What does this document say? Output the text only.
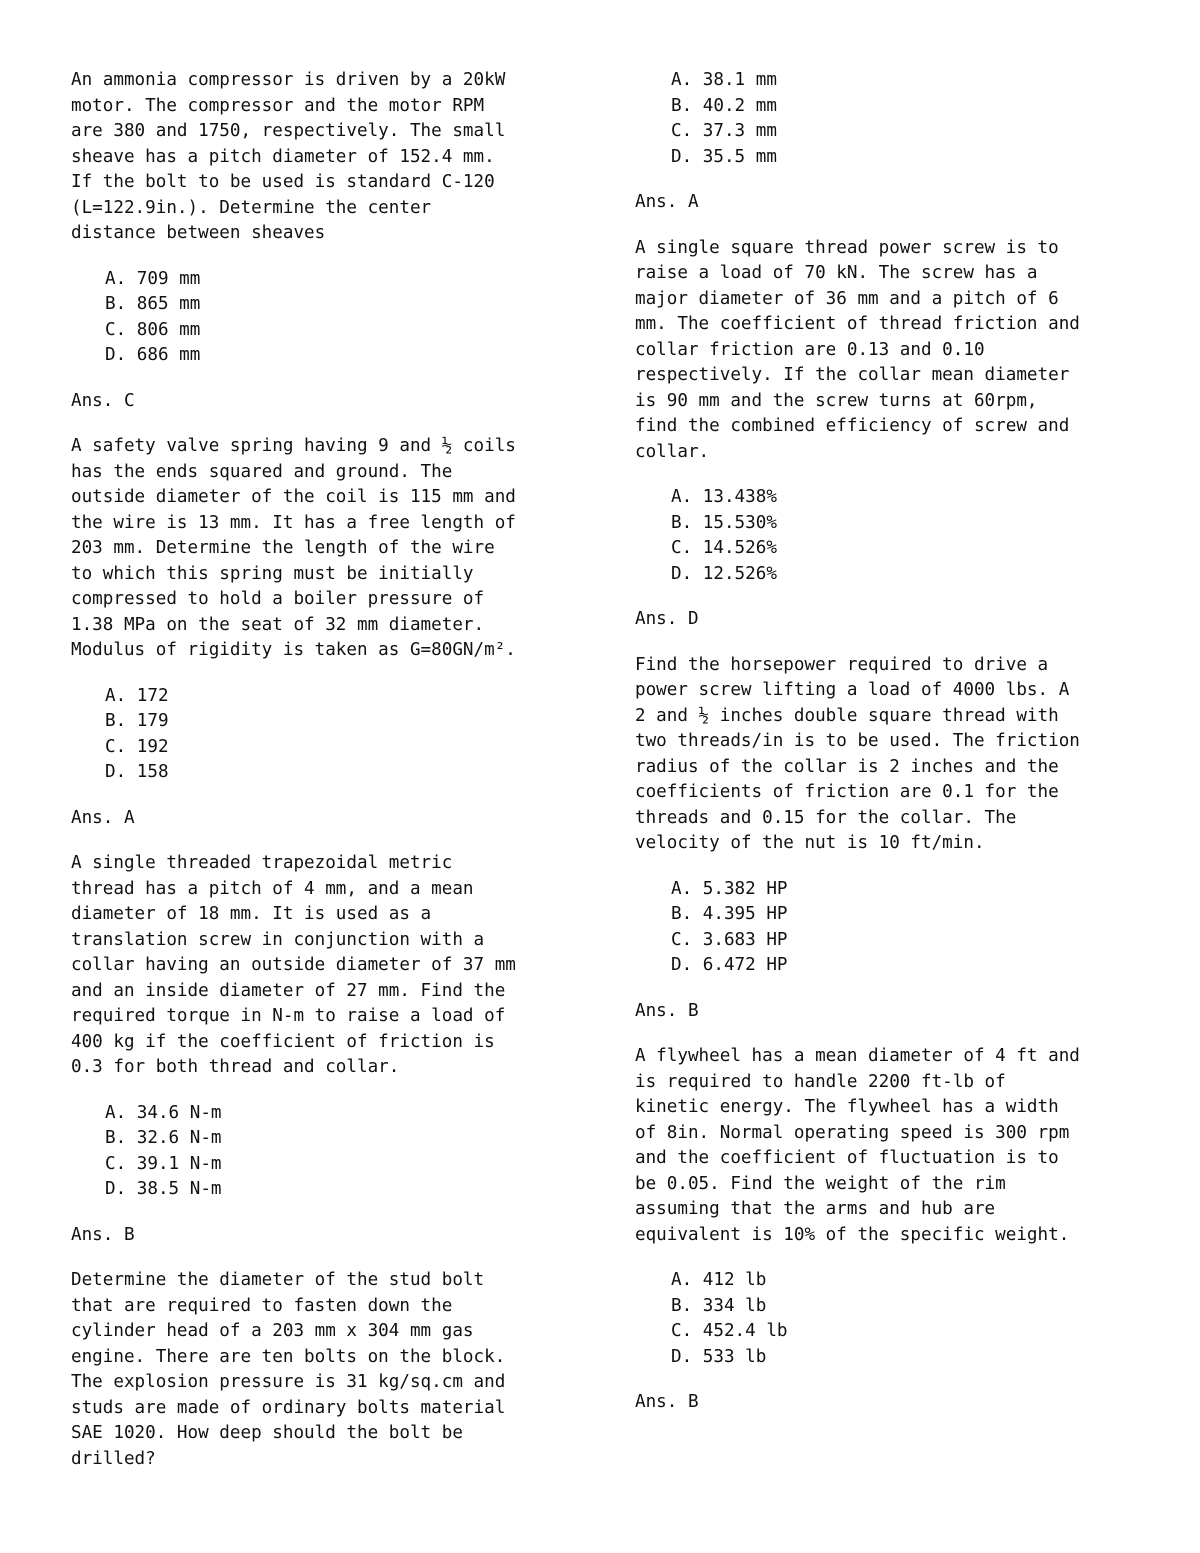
An ammonia compressor is driven by a 20kW
motor. The compressor and the motor RPM
are 380 and 1750, respectively. The small
sheave has a pitch diameter of 152.4 mm.
If the bolt to be used is standard C-120
(L=122.9in.). Determine the center
distance between sheaves
A. 709 mm
B. 865 mm
C. 806 mm
D. 686 mm
Ans. C
A safety valve spring having 9 and ½ coils
has the ends squared and ground. The
outside diameter of the coil is 115 mm and
the wire is 13 mm. It has a free length of
203 mm. Determine the length of the wire
to which this spring must be initially
compressed to hold a boiler pressure of
1.38 MPa on the seat of 32 mm diameter.
Modulus of rigidity is taken as G=80GN/m².
A. 172
B. 179
C. 192
D. 158
Ans. A
A single threaded trapezoidal metric
thread has a pitch of 4 mm, and a mean
diameter of 18 mm. It is used as a
translation screw in conjunction with a
collar having an outside diameter of 37 mm
and an inside diameter of 27 mm. Find the
required torque in N-m to raise a load of
400 kg if the coefficient of friction is
0.3 for both thread and collar.
A. 34.6 N-m
B. 32.6 N-m
C. 39.1 N-m
D. 38.5 N-m
Ans. B
Determine the diameter of the stud bolt
that are required to fasten down the
cylinder head of a 203 mm x 304 mm gas
engine. There are ten bolts on the block.
The explosion pressure is 31 kg/sq.cm and
studs are made of ordinary bolts material
SAE 1020. How deep should the bolt be
drilled?
A. 38.1 mm
B. 40.2 mm
C. 37.3 mm
D. 35.5 mm
Ans. A
A single square thread power screw is to
raise a load of 70 kN. The screw has a
major diameter of 36 mm and a pitch of 6
mm. The coefficient of thread friction and
collar friction are 0.13 and 0.10
respectively. If the collar mean diameter
is 90 mm and the screw turns at 60rpm,
find the combined efficiency of screw and
collar.
A. 13.438%
B. 15.530%
C. 14.526%
D. 12.526%
Ans. D
Find the horsepower required to drive a
power screw lifting a load of 4000 lbs. A
2 and ½ inches double square thread with
two threads/in is to be used. The friction
radius of the collar is 2 inches and the
coefficients of friction are 0.1 for the
threads and 0.15 for the collar. The
velocity of the nut is 10 ft/min.
A. 5.382 HP
B. 4.395 HP
C. 3.683 HP
D. 6.472 HP
Ans. B
A flywheel has a mean diameter of 4 ft and
is required to handle 2200 ft-lb of
kinetic energy. The flywheel has a width
of 8in. Normal operating speed is 300 rpm
and the coefficient of fluctuation is to
be 0.05. Find the weight of the rim
assuming that the arms and hub are
equivalent is 10% of the specific weight.
A. 412 lb
B. 334 lb
C. 452.4 lb
D. 533 lb
Ans. B
